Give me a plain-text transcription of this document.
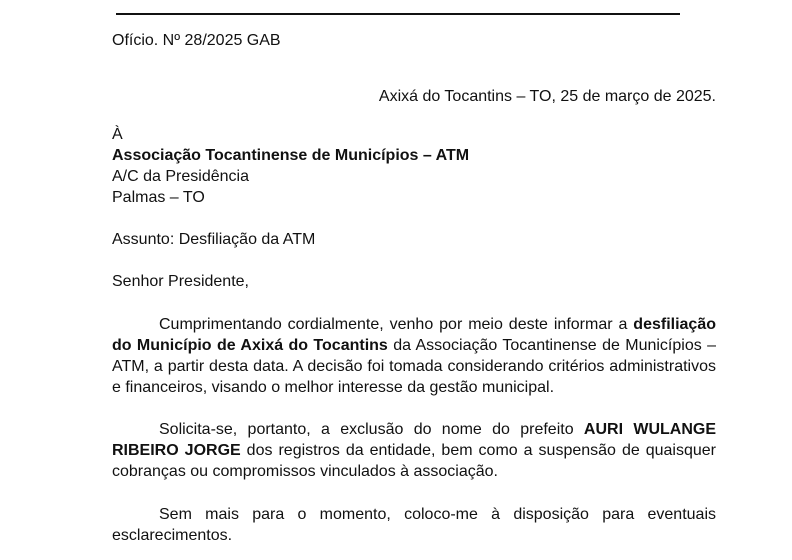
Ofício. Nº 28/2025 GAB
Axixá do Tocantins – TO, 25 de março de 2025.
À
Associação Tocantinense de Municípios – ATM
A/C da Presidência
Palmas – TO
Assunto: Desfiliação da ATM
Senhor Presidente,

Cumprimentando cordialmente, venho por meio deste informar a desfiliação do Município de Axixá do Tocantins da Associação Tocantinense de Municípios – ATM, a partir desta data. A decisão foi tomada considerando critérios administrativos e financeiros, visando o melhor interesse da gestão municipal.

Solicita-se, portanto, a exclusão do nome do prefeito AURI WULANGE RIBEIRO JORGE dos registros da entidade, bem como a suspensão de quaisquer cobranças ou compromissos vinculados à associação.

Sem mais para o momento, coloco-me à disposição para eventuais esclarecimentos.
